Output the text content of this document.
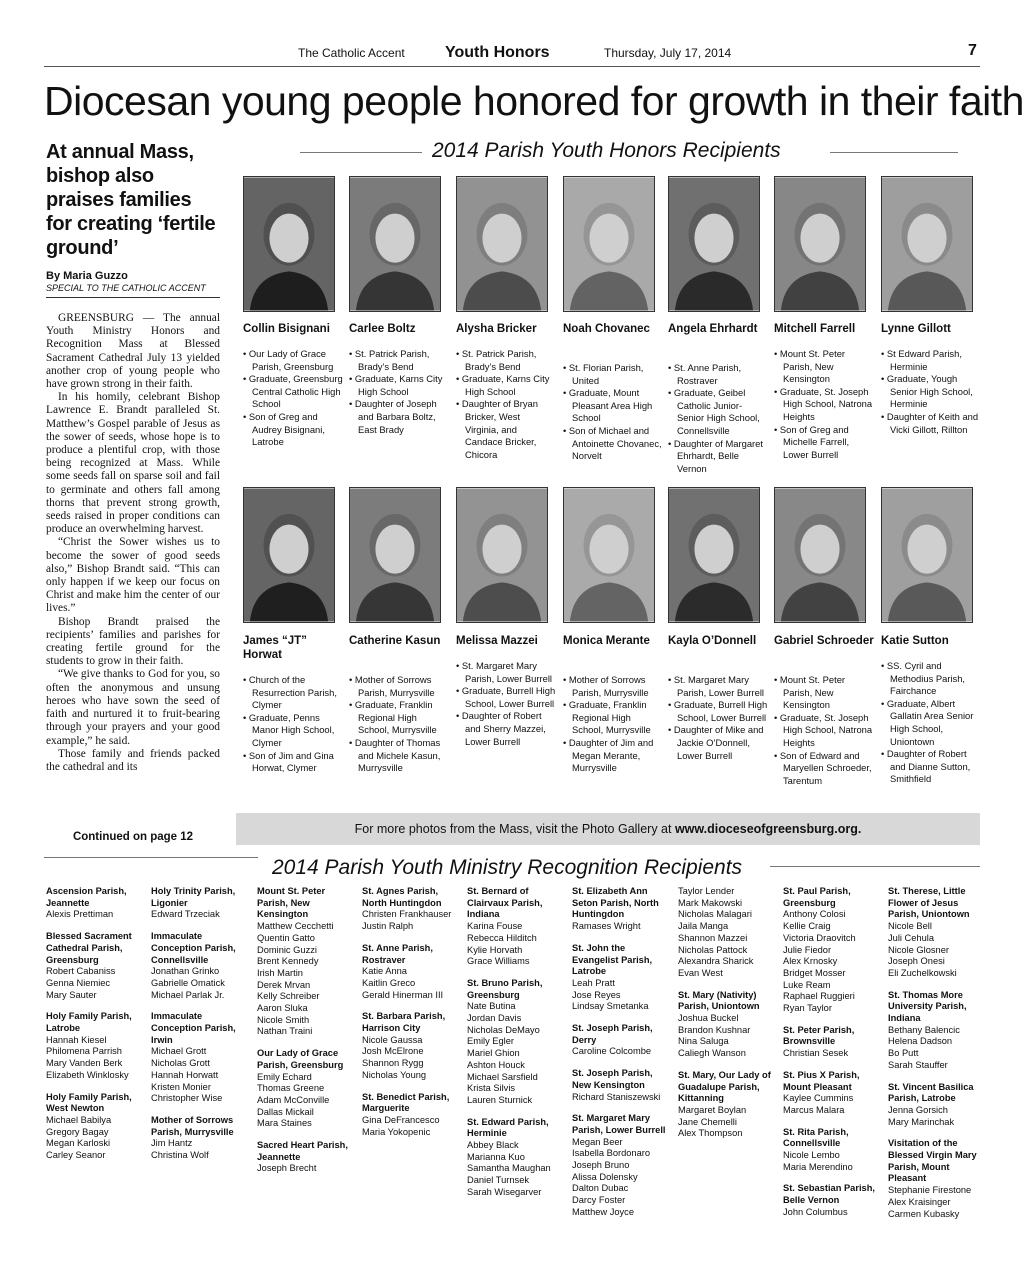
The Catholic Accent	Youth Honors	Thursday, July 17, 2014	7
Diocesan young people honored for growth in their faith
At annual Mass, bishop also praises families for creating ‘fertile ground’
By Maria Guzzo
SPECIAL TO THE CATHOLIC ACCENT

GREENSBURG — The annual Youth Ministry Honors and Recognition Mass at Blessed Sacrament Cathedral July 13 yielded another crop of young people who have grown strong in their faith.

In his homily, celebrant Bishop Lawrence E. Brandt paralleled St. Matthew’s Gospel parable of Jesus as the sower of seeds, whose hope is to produce a plentiful crop, with those being recognized at Mass. While some seeds fall on sparse soil and fail to germinate and others fall among thorns that prevent strong growth, seeds raised in proper conditions can produce an overwhelming harvest.

“Christ the Sower wishes us to become the sower of good seeds also,” Bishop Brandt said. “This can only happen if we keep our focus on Christ and make him the center of our lives.”

Bishop Brandt praised the recipients’ families and parishes for creating fertile ground for the students to grow in their faith.

“We give thanks to God for you, so often the anonymous and unsung heroes who have sown the seed of faith and nurtured it to fruit-bearing through your prayers and your good example,” he said.

Those family and friends packed the cathedral and its

Continued on page 12
2014 Parish Youth Honors Recipients
Collin Bisignani
• Our Lady of Grace Parish, Greensburg
• Graduate, Greensburg Central Catholic High School
• Son of Greg and Audrey Bisignani, Latrobe
Carlee Boltz
• St. Patrick Parish, Brady’s Bend
• Graduate, Karns City High School
• Daughter of Joseph and Barbara Boltz, East Brady
Alysha Bricker
• St. Patrick Parish, Brady’s Bend
• Graduate, Karns City High School
• Daughter of Bryan Bricker, West Virginia, and Candace Bricker, Chicora
Noah Chovanec
• St. Florian Parish, United
• Graduate, Mount Pleasant Area High School
• Son of Michael and Antoinette Chovanec, Norvelt
Angela Ehrhardt
• St. Anne Parish, Rostraver
• Graduate, Geibel Catholic Junior-Senior High School, Connellsville
• Daughter of Margaret Ehrhardt, Belle Vernon
Mitchell Farrell
• Mount St. Peter Parish, New Kensington
• Graduate, St. Joseph High School, Natrona Heights
• Son of Greg and Michelle Farrell, Lower Burrell
Lynne Gillott
• St Edward Parish, Herminie
• Graduate, Yough Senior High School, Herminie
• Daughter of Keith and Vicki Gillott, Rillton
James “JT” Horwat
• Church of the Resurrection Parish, Clymer
• Graduate, Penns Manor High School, Clymer
• Son of Jim and Gina Horwat, Clymer
Catherine Kasun
• Mother of Sorrows Parish, Murrysville
• Graduate, Franklin Regional High School, Murrysville
• Daughter of Thomas and Michele Kasun, Murrysville
Melissa Mazzei
• St. Margaret Mary Parish, Lower Burrell
• Graduate, Burrell High School, Lower Burrell
• Daughter of Robert and Sherry Mazzei, Lower Burrell
Monica Merante
• Mother of Sorrows Parish, Murrysville
• Graduate, Franklin Regional High School, Murrysville
• Daughter of Jim and Megan Merante, Murrysville
Kayla O’Donnell
• St. Margaret Mary Parish, Lower Burrell
• Graduate, Burrell High School, Lower Burrell
• Daughter of Mike and Jackie O’Donnell, Lower Burrell
Gabriel Schroeder
• Mount St. Peter Parish, New Kensington
• Graduate, St. Joseph High School, Natrona Heights
• Son of Edward and Maryellen Schroeder, Tarentum
Katie Sutton
• SS. Cyril and Methodius Parish, Fairchance
• Graduate, Albert Gallatin Area Senior High School, Uniontown
• Daughter of Robert and Dianne Sutton, Smithfield
For more photos from the Mass, visit the Photo Gallery at www.dioceseofgreensburg.org.
2014 Parish Youth Ministry Recognition Recipients
Ascension Parish, Jeannette
Alexis Prettiman
Blessed Sacrament Cathedral Parish, Greensburg
Robert Cabaniss
Genna Niemiec
Mary Sauter
Holy Family Parish, Latrobe
Hannah Kiesel
Philomena Parrish
Mary Vanden Berk
Elizabeth Winklosky
Holy Family Parish, West Newton
Michael Babilya
Gregory Bagay
Megan Karloski
Carley Seanor
Holy Trinity Parish, Ligonier
Edward Trzeciak
Immaculate Conception Parish, Connellsville
Jonathan Grinko
Gabrielle Omatick
Michael Parlak Jr.
Immaculate Conception Parish, Irwin
Michael Grott
Nicholas Grott
Hannah Horwatt
Kristen Monier
Christopher Wise
Mother of Sorrows Parish, Murrysville
Jim Hantz
Christina Wolf
Mount St. Peter Parish, New Kensington
Matthew Cecchetti
Quentin Gatto
Dominic Guzzi
Brent Kennedy
Irish Martin
Derek Mrvan
Kelly Schreiber
Aaron Sluka
Nicole Smith
Nathan Traini
Our Lady of Grace Parish, Greensburg
Emily Echard
Thomas Greene
Adam McConville
Dallas Mickail
Mara Staines
Sacred Heart Parish, Jeannette
Joseph Brecht
St. Agnes Parish, North Huntingdon
Christen Frankhauser
Justin Ralph
St. Anne Parish, Rostraver
Katie Anna
Kaitlin Greco
Gerald Hinerman III
St. Barbara Parish, Harrison City
Nicole Gaussa
Josh McElrone
Shannon Rygg
Nicholas Young
St. Benedict Parish, Marguerite
Gina DeFrancesco
Maria Yokopenic
St. Bernard of Clairvaux Parish, Indiana
Karina Fouse
Rebecca Hilditch
Kylie Horvath
Grace Williams
St. Bruno Parish, Greensburg
Nate Butina
Jordan Davis
Nicholas DeMayo
Emily Egler
Mariel Ghion
Ashton Houck
Michael Sarsfield
Krista Silvis
Lauren Sturnick
St. Edward Parish, Herminie
Abbey Black
Marianna Kuo
Samantha Maughan
Daniel Turnsek
Sarah Wisegarver
St. Elizabeth Ann Seton Parish, North Huntingdon
Ramases Wright
St. John the Evangelist Parish, Latrobe
Leah Pratt
Jose Reyes
Lindsay Smetanka
St. Joseph Parish, Derry
Caroline Colcombe
St. Joseph Parish, New Kensington
Richard Staniszewski
St. Margaret Mary Parish, Lower Burrell
Megan Beer
Isabella Bordonaro
Joseph Bruno
Alissa Dolensky
Dalton Dubac
Darcy Foster
Matthew Joyce
Taylor Lender
Mark Makowski
Nicholas Malagari
Jaila Manga
Shannon Mazzei
Nicholas Pattock
Alexandra Sharick
Evan West
St. Mary (Nativity) Parish, Uniontown
Joshua Buckel
Brandon Kushnar
Nina Saluga
Caliegh Wanson
St. Mary, Our Lady of Guadalupe Parish, Kittanning
Margaret Boylan
Jane Chemelli
Alex Thompson
St. Paul Parish, Greensburg
Anthony Colosi
Kellie Craig
Victoria Draovitch
Julie Fiedor
Alex Krnosky
Bridget Mosser
Luke Ream
Raphael Ruggieri
Ryan Taylor
St. Peter Parish, Brownsville
Christian Sesek
St. Pius X Parish, Mount Pleasant
Kaylee Cummins
Marcus Malara
St. Rita Parish, Connellsville
Nicole Lembo
Maria Merendino
St. Sebastian Parish, Belle Vernon
John Columbus
St. Therese, Little Flower of Jesus Parish, Uniontown
Nicole Bell
Juli Cehula
Nicole Glosner
Joseph Onesi
Eli Zuchelkowski
St. Thomas More University Parish, Indiana
Bethany Balencic
Helena Dadson
Bo Putt
Sarah Stauffer
St. Vincent Basilica Parish, Latrobe
Jenna Gorsich
Mary Marinchak
Visitation of the Blessed Virgin Mary Parish, Mount Pleasant
Stephanie Firestone
Alex Kraisinger
Carmen Kubasky
